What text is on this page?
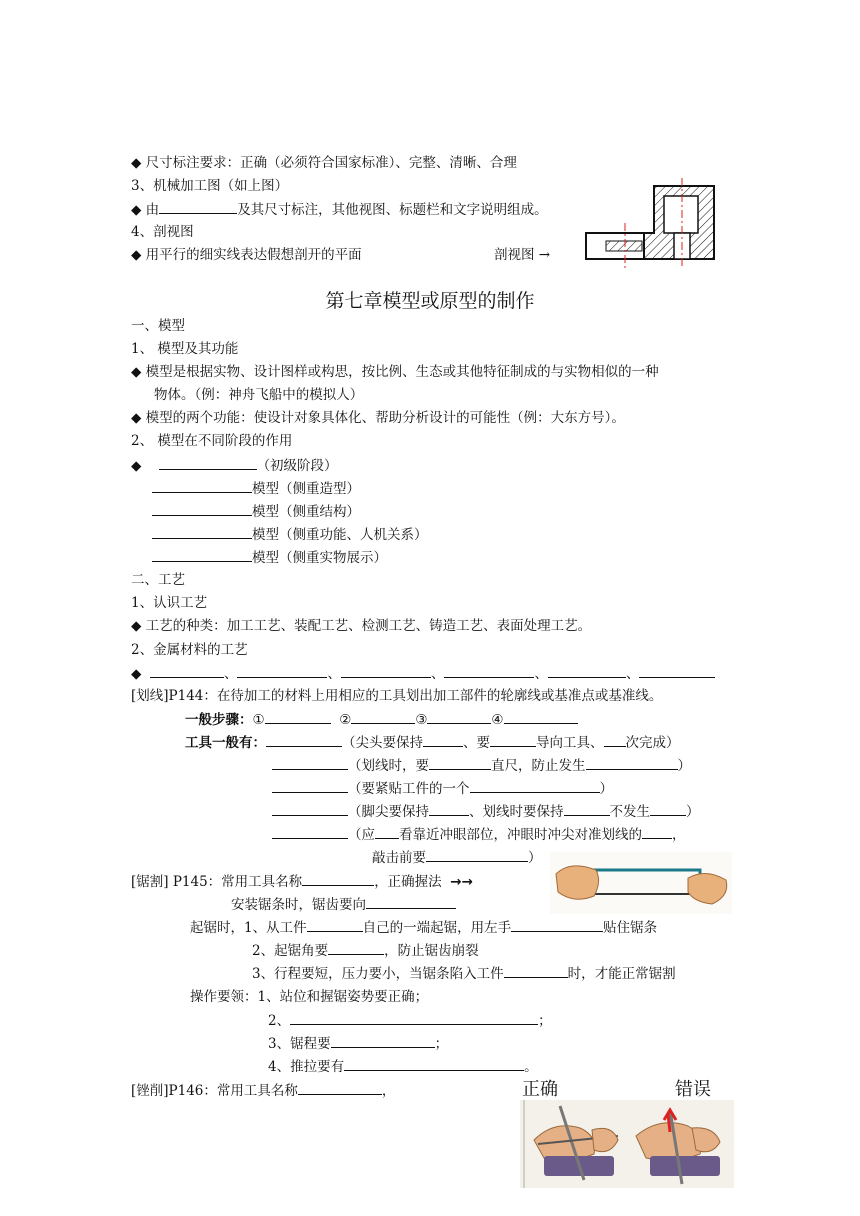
◆ 尺寸标注要求：正确（必须符合国家标准）、完整、清晰、合理
3、机械加工图（如上图）
◆ 由	及其尺寸标注，其他视图、标题栏和文字说明组成。
4、剖视图
◆ 用平行的细实线表达假想剖开的平面	剖视图 →
第七章模型或原型的制作
一、模型
1、 模型及其功能
◆ 模型是根据实物、设计图样或构思，按比例、生态或其他特征制成的与实物相似的一种
物体。（例：神舟飞船中的模拟人）
◆ 模型的两个功能：使设计对象具体化、帮助分析设计的可能性（例：大东方号）。
2、 模型在不同阶段的作用
◆	（初级阶段）
模型（侧重造型）
模型（侧重结构）
模型（侧重功能、人机关系）
模型（侧重实物展示）
二、工艺
1、认识工艺
◆ 工艺的种类：加工工艺、装配工艺、检测工艺、铸造工艺、表面处理工艺。
2、金属材料的工艺
◆	、	、	、	、	、
[划线]P144：在待加工的材料上用相应的工具划出加工部件的轮廓线或基准点或基准线。
一般步骤：①	②	③	④
工具一般有：	（尖头要保持	、要	导向工具、 次完成）
（划线时，要	直尺，防止发生	）
（要紧贴工件的一个	）
（脚尖要保持	、划线时要保持	不发生	）
（应 看靠近冲眼部位，冲眼时冲尖对准划线的 ，
敲击前要	）
[锯割] P145：常用工具名称	，正确握法 →→
安装锯条时，锯齿要向
起锯时，1、从工件	自己的一端起锯，用左手	贴住锯条
2、起锯角要	，防止锯齿崩裂
3、行程要短，压力要小，当锯条陷入工件	时，才能正常锯割
操作要领：1、站位和握锯姿势要正确；
2、	；
3、锯程要	；
4、推拉要有	。
[锉削]P146：常用工具名称	，	正确	错误
